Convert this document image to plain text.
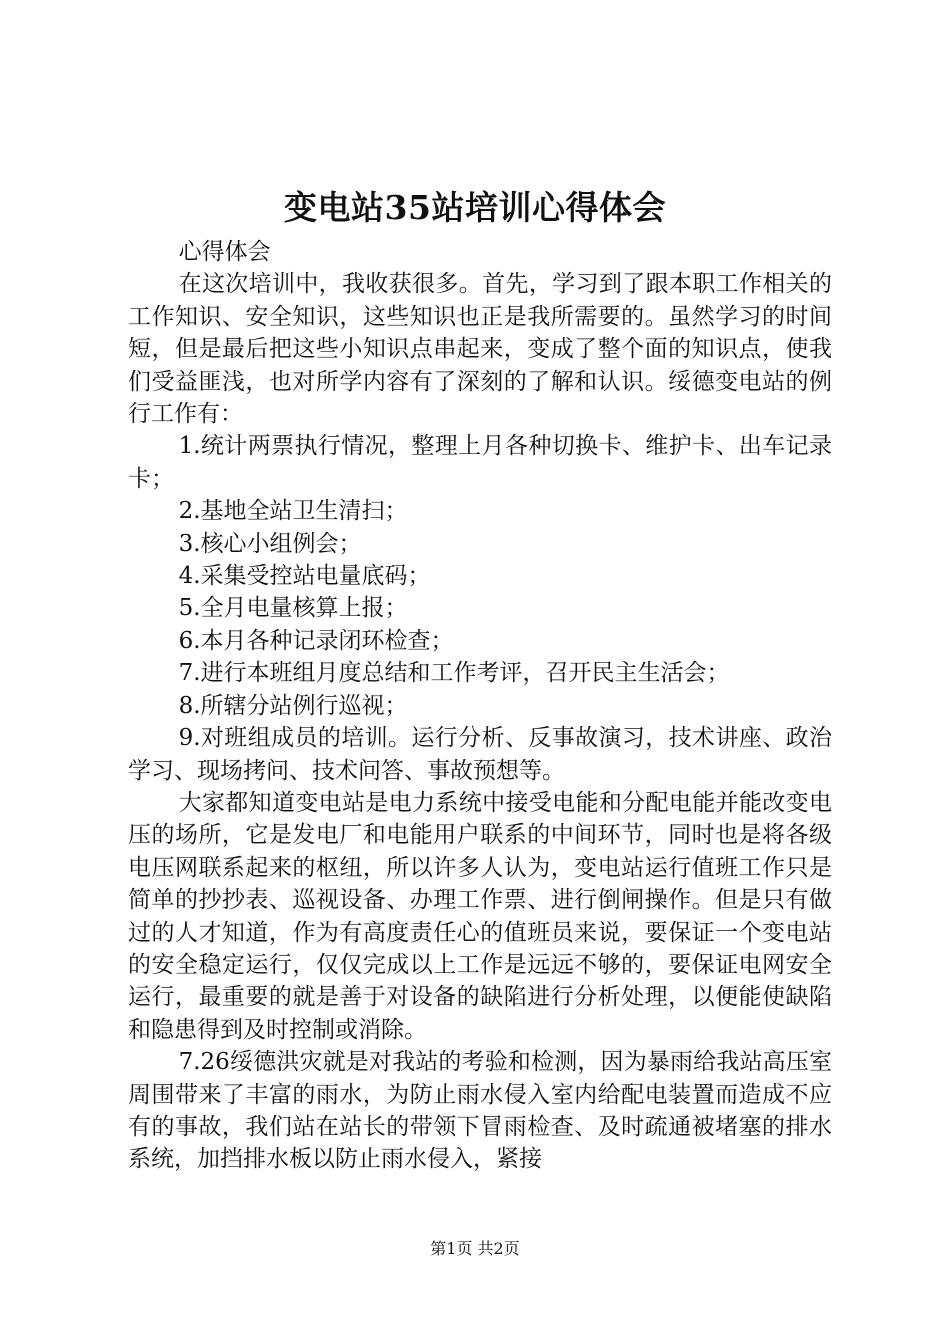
变电站35站培训心得体会

心得体会

在这次培训中，我收获很多。首先，学习到了跟本职工作相关的工作知识、安全知识，这些知识也正是我所需要的。虽然学习的时间短，但是最后把这些小知识点串起来，变成了整个面的知识点，使我们受益匪浅，也对所学内容有了深刻的了解和认识。绥德变电站的例行工作有：

1.统计两票执行情况，整理上月各种切换卡、维护卡、出车记录卡；

2.基地全站卫生清扫；

3.核心小组例会；

4.采集受控站电量底码；

5.全月电量核算上报；

6.本月各种记录闭环检查；

7.进行本班组月度总结和工作考评，召开民主生活会；

8.所辖分站例行巡视；

9.对班组成员的培训。运行分析、反事故演习，技术讲座、政治学习、现场拷问、技术问答、事故预想等。

大家都知道变电站是电力系统中接受电能和分配电能并能改变电压的场所，它是发电厂和电能用户联系的中间环节，同时也是将各级电压网联系起来的枢纽，所以许多人认为，变电站运行值班工作只是简单的抄抄表、巡视设备、办理工作票、进行倒闸操作。但是只有做过的人才知道，作为有高度责任心的值班员来说，要保证一个变电站的安全稳定运行，仅仅完成以上工作是远远不够的，要保证电网安全运行，最重要的就是善于对设备的缺陷进行分析处理，以便能使缺陷和隐患得到及时控制或消除。

7.26绥德洪灾就是对我站的考验和检测，因为暴雨给我站高压室周围带来了丰富的雨水，为防止雨水侵入室内给配电装置而造成不应有的事故，我们站在站长的带领下冒雨检查、及时疏通被堵塞的排水系统，加挡排水板以防止雨水侵入，紧接

第1页 共2页
